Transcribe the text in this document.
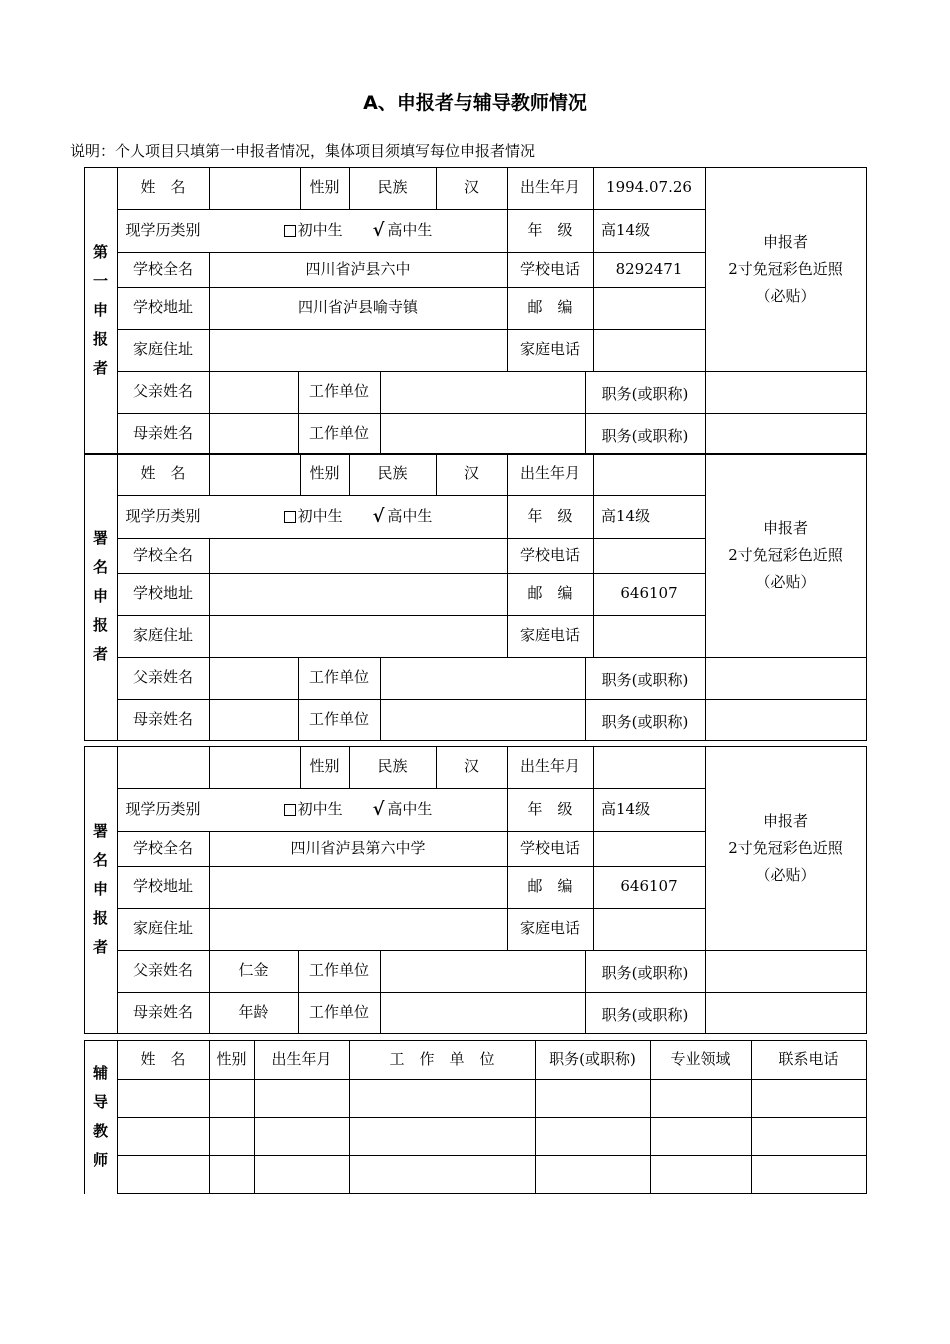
A、申报者与辅导教师情况
说明：个人项目只填第一申报者情况，集体项目须填写每位申报者情况
第
一
申
报
者
姓　名	性别	民族	汉	出生年月	1994.07.26
现学历类别	初中生 √ 高中生	年　级	高14级
学校全名	四川省泸县六中	学校电话	8292471
学校地址	四川省泸县喻寺镇	邮　编
家庭住址	家庭电话
申报者
2寸免冠彩色近照
（必贴）
父亲姓名	工作单位	职务(或职称)
母亲姓名	工作单位	职务(或职称)
署
名
申
报
者
姓　名	性别	民族	汉	出生年月
现学历类别	初中生 √ 高中生	年　级	高14级
学校全名	学校电话
学校地址	邮　编	646107
家庭住址	家庭电话
申报者
2寸免冠彩色近照
（必贴）
父亲姓名	工作单位	职务(或职称)
母亲姓名	工作单位	职务(或职称)
署
名
申
报
者
性别	民族	汉	出生年月
现学历类别	初中生 √ 高中生	年　级	高14级
学校全名	四川省泸县第六中学	学校电话
学校地址	邮　编	646107
家庭住址	家庭电话
申报者
2寸免冠彩色近照
（必贴）
父亲姓名	仁金	工作单位	职务(或职称)
母亲姓名	年龄	工作单位	职务(或职称)
辅
导
教
师
姓　名	性别	出生年月	工　作　单　位	职务(或职称)	专业领域	联系电话
